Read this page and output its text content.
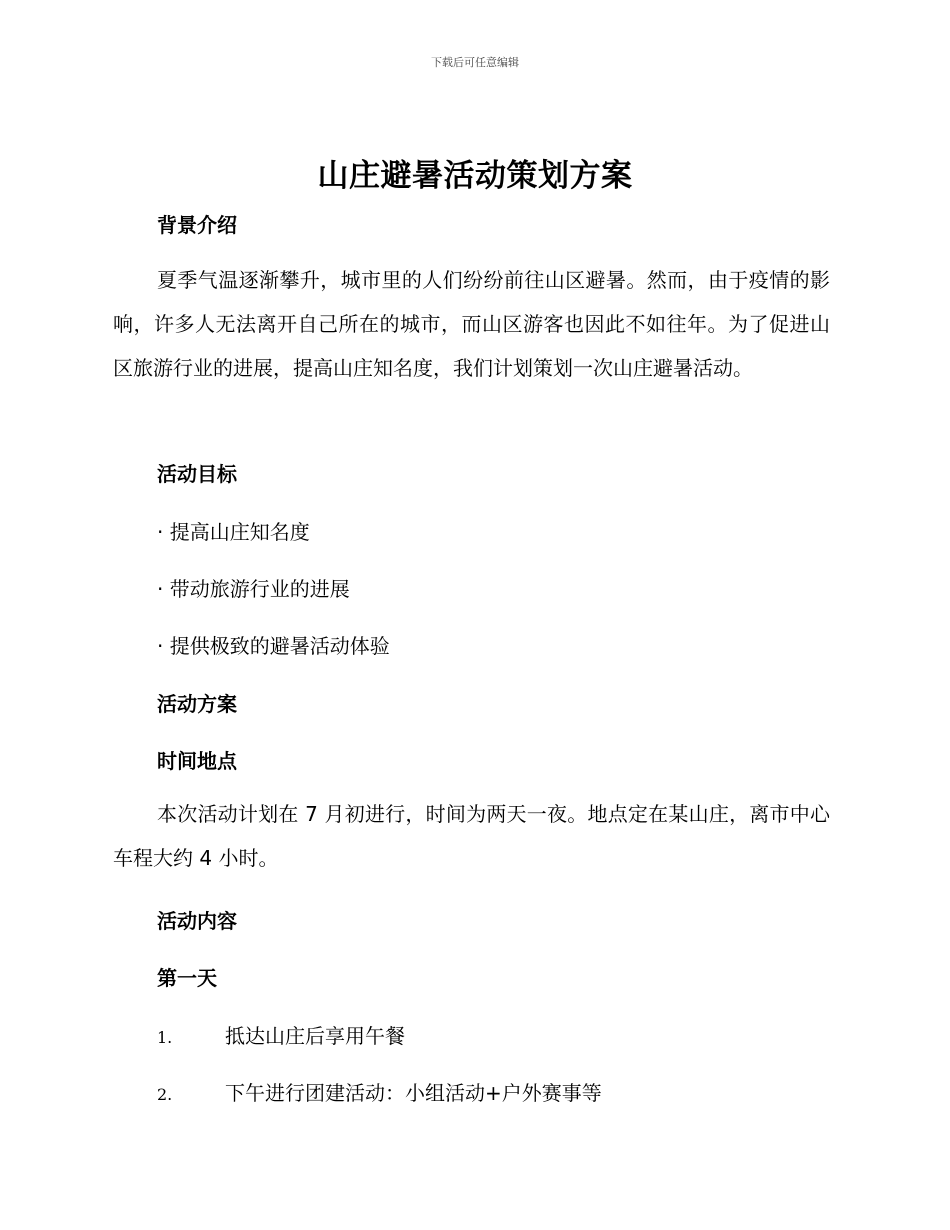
下载后可任意编辑
山庄避暑活动策划方案
背景介绍

夏季气温逐渐攀升，城市里的人们纷纷前往山区避暑。然而，由于疫情的影响，许多人无法离开自己所在的城市，而山区游客也因此不如往年。为了促进山区旅游行业的进展，提高山庄知名度，我们计划策划一次山庄避暑活动。

活动目标

· 提高山庄知名度

· 带动旅游行业的进展

· 提供极致的避暑活动体验

活动方案
时间地点

本次活动计划在 7 月初进行，时间为两天一夜。地点定在某山庄，离市中心车程大约 4 小时。

活动内容
第一天
1.	抵达山庄后享用午餐
2.	下午进行团建活动：小组活动+户外赛事等
